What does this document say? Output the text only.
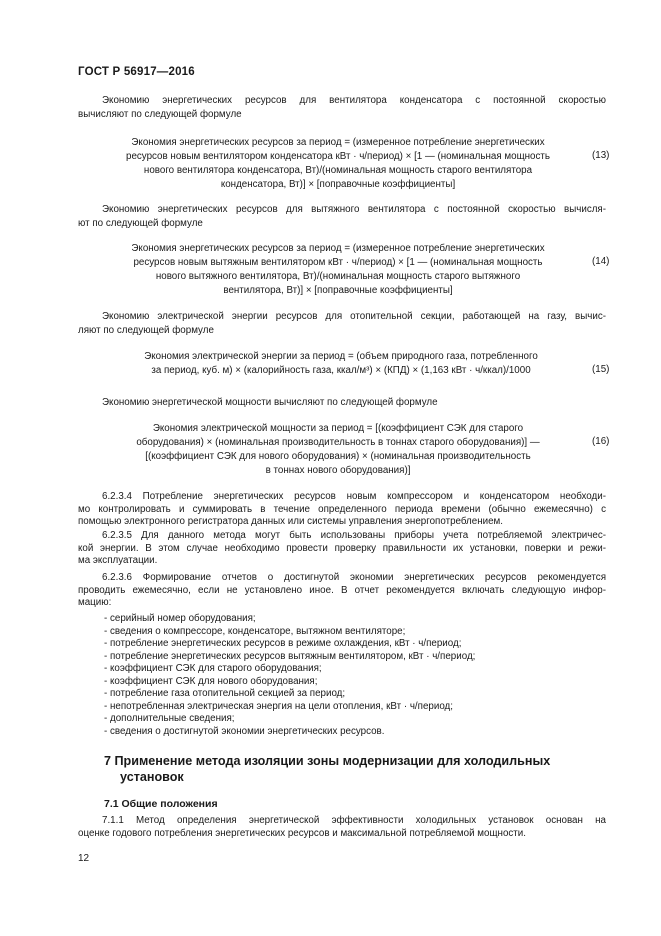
ГОСТ Р 56917—2016
Экономию энергетических ресурсов для вентилятора конденсатора с постоянной скоростью
вычисляют по следующей формуле
Экономия энергетических ресурсов за период = (измеренное потребление энергетических
ресурсов новым вентилятором конденсатора кВт · ч/период) × [1 — (номинальная мощность
нового вентилятора конденсатора, Вт)/(номинальная мощность старого вентилятора
конденсатора, Вт)] × [поправочные коэффициенты]
(13)
Экономию энергетических ресурсов для вытяжного вентилятора с постоянной скоростью вычисля-
ют по следующей формуле
Экономия энергетических ресурсов за период = (измеренное потребление энергетических
ресурсов новым вытяжным вентилятором кВт · ч/период) × [1 — (номинальная мощность
нового вытяжного вентилятора, Вт)/(номинальная мощность старого вытяжного
вентилятора, Вт)] × [поправочные коэффициенты]
(14)
Экономию электрической энергии ресурсов для отопительной секции, работающей на газу, вычис-
ляют по следующей формуле
Экономия электрической энергии за период = (объем природного газа, потребленного
за период, куб. м) × (калорийность газа, ккал/м³) × (КПД) × (1,163 кВт · ч/ккал)/1000	(15)
Экономию энергетической мощности вычисляют по следующей формуле
Экономия электрической мощности за период = [(коэффициент СЭК для старого
оборудования) × (номинальная производительность в тоннах старого оборудования)] —
[(коэффициент СЭК для нового оборудования) × (номинальная производительность
в тоннах нового оборудования)]
(16)
6.2.3.4 Потребление энергетических ресурсов новым компрессором и конденсатором необходи-
мо контролировать и суммировать в течение определенного периода времени (обычно ежемесячно) с
помощью электронного регистратора данных или системы управления энергопотреблением.
6.2.3.5 Для данного метода могут быть использованы приборы учета потребляемой электричес-
кой энергии. В этом случае необходимо провести проверку правильности их установки, поверки и режи-
ма эксплуатации.
6.2.3.6 Формирование отчетов о достигнутой экономии энергетических ресурсов рекомендуется
проводить ежемесячно, если не установлено иное. В отчет рекомендуется включать следующую инфор-
мацию:
- серийный номер оборудования;
- сведения о компрессоре, конденсаторе, вытяжном вентиляторе;
- потребление энергетических ресурсов в режиме охлаждения, кВт · ч/период;
- потребление энергетических ресурсов вытяжным вентилятором, кВт · ч/период;
- коэффициент СЭК для старого оборудования;
- коэффициент СЭК для нового оборудования;
- потребление газа отопительной секцией за период;
- непотребленная электрическая энергия на цели отопления, кВт · ч/период;
- дополнительные сведения;
- сведения о достигнутой экономии энергетических ресурсов.
7 Применение метода изоляции зоны модернизации для холодильных
установок
7.1 Общие положения
7.1.1 Метод определения энергетической эффективности холодильных установок основан на
оценке годового потребления энергетических ресурсов и максимальной потребляемой мощности.
12
